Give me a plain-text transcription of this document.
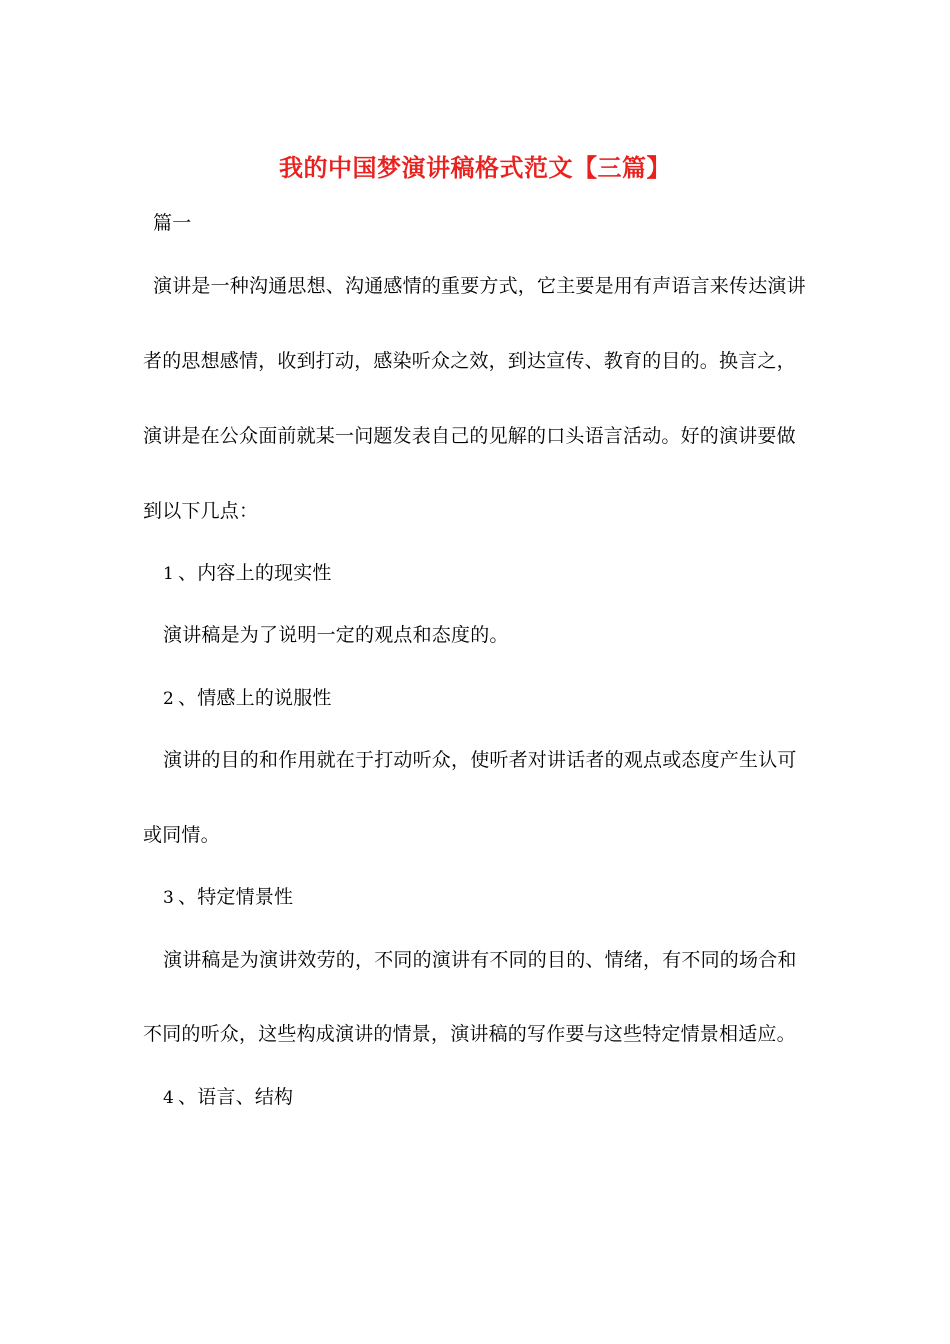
我的中国梦演讲稿格式范文【三篇】
篇一
演讲是一种沟通思想、沟通感情的重要方式，它主要是用有声语言来传达演讲
者的思想感情，收到打动，感染听众之效，到达宣传、教育的目的。换言之，
演讲是在公众面前就某一问题发表自己的见解的口头语言活动。好的演讲要做
到以下几点：
1 、内容上的现实性
演讲稿是为了说明一定的观点和态度的。
2 、情感上的说服性
演讲的目的和作用就在于打动听众，使听者对讲话者的观点或态度产生认可
或同情。
3 、特定情景性
演讲稿是为演讲效劳的，不同的演讲有不同的目的、情绪，有不同的场合和
不同的听众，这些构成演讲的情景，演讲稿的写作要与这些特定情景相适应。
4 、语言、结构
